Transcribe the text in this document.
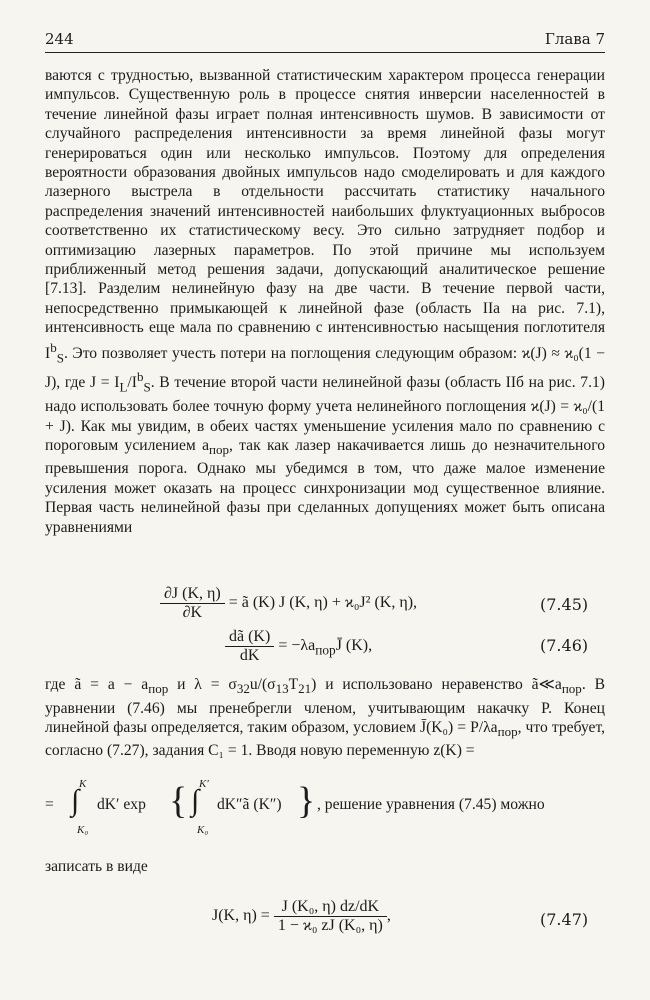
244	Глава 7

ваются с трудностью, вызванной статистическим характером процесса генерации импульсов. Существенную роль в процессе снятия инверсии населенностей в течение линейной фазы играет полная интенсивность шумов. В зависимости от случайного распределения интенсивности за время линейной фазы могут генерироваться один или несколько импульсов. Поэтому для определения вероятности образования двойных импульсов надо смоделировать и для каждого лазерного выстрела в отдельности рассчитать статистику начального распределения значений интенсивностей наибольших флуктуационных выбросов соответственно их статистическому весу. Это сильно затрудняет подбор и оптимизацию лазерных параметров. По этой причине мы используем приближенный метод решения задачи, допускающий аналитическое решение [7.13]. Разделим нелинейную фазу на две части. В течение первой части, непосредственно примыкающей к линейной фазе (область IIа на рис. 7.1), интенсивность еще мала по сравнению с интенсивностью насыщения поглотителя $I^b_S$. Это позволяет учесть потери на поглощения следующим образом: ϰ(J) ≈ ϰ₀(1 − J), где $J = I_L/I^b_S$. В течение второй части нелинейной фазы (область IIб на рис. 7.1) надо использовать более точную форму учета нелинейного поглощения ϰ(J) = ϰ₀/(1 + J). Как мы увидим, в обеих частях уменьшение усиления мало по сравнению с пороговым усилением $a_{пор}$, так как лазер накачивается лишь до незначительного превышения порога. Однако мы убедимся в том, что даже малое изменение усиления может оказать на процесс синхронизации мод существенное влияние. Первая часть нелинейной фазы при сделанных допущениях может быть описана уравнениями

$\frac{\partial J (K, \eta)}{\partial K}$ = ã (K) J (K, η) + ϰ₀J² (K, η),	(7.45)
$\frac{dã (K)}{dK}$ = $-\lambda a_{пор}J̄$ (K),	(7.46)

где ã = $a - a_{пор}$ и $\lambda = \sigma_{32}u/(\sigma_{13}T_{21})$ и использовано неравенство $ã≪a_{пор}$. В уравнении (7.46) мы пренебрегли членом, учитывающим накачку P. Конец линейной фазы определяется, таким образом, условием J̄(K₀) = $P/\lambda a_{пор}$, что требует, согласно (7.27), задания C₁ = 1. Вводя новую переменную z(K) =

= ∫ K
K₀
dK′ exp { ∫ K′
K₀
dK″ã (K″) } , решение уравнения (7.45) можно
записать в виде
J(K, $\eta) = \frac{\text{J (K₀, η) dz/dK}}{\text{1 − ϰ₀ zJ (K₀, η)}}$ ,	(7.47)
